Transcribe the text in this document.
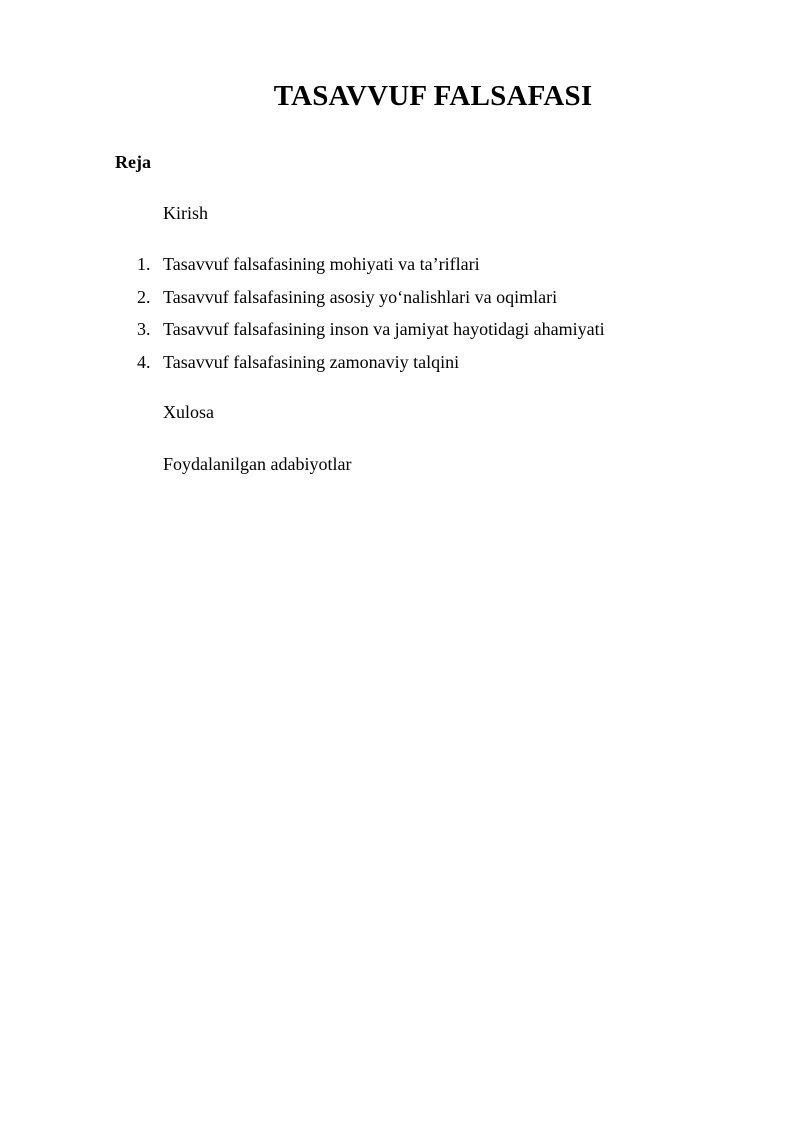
TASAVVUF FALSAFASI
Reja
Kirish
1. Tasavvuf falsafasining mohiyati va ta’riflari
2. Tasavvuf falsafasining asosiy yo‘nalishlari va oqimlari
3. Tasavvuf falsafasining inson va jamiyat hayotidagi ahamiyati
4. Tasavvuf falsafasining zamonaviy talqini
Xulosa
Foydalanilgan adabiyotlar
